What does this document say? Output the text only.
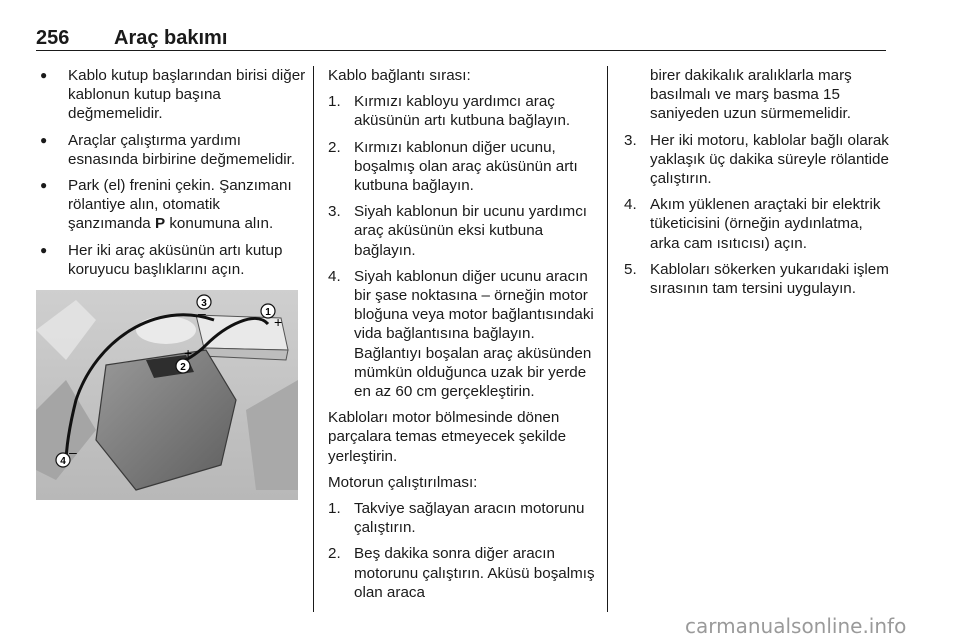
256 Araç bakımı
● Kablo kutup başlarından birisi diğer kablonun kutup başına değmemelidir.
● Araçlar çalıştırma yardımı esnasında birbirine değmemelidir.
● Park (el) frenini çekin. Şanzımanı rölantiye alın, otomatik şanzımanda P konumuna alın.
● Her iki araç aküsünün artı kutup koruyucu başlıklarını açın.
1
+
3
–
2
+
4
–

Kablo bağlantı sırası:

1. Kırmızı kabloyu yardımcı araç aküsünün artı kutbuna bağlayın.
2. Kırmızı kablonun diğer ucunu, boşalmış olan araç aküsünün artı kutbuna bağlayın.
3. Siyah kablonun bir ucunu yardımcı araç aküsünün eksi kutbuna bağlayın.
4. Siyah kablonun diğer ucunu aracın bir şase noktasına – örneğin motor bloğuna veya motor bağlantısındaki vida bağlantısına bağlayın. Bağlantıyı boşalan araç aküsünden mümkün olduğunca uzak bir yerde en az 60 cm gerçekleştirin.

Kabloları motor bölmesinde dönen parçalara temas etmeyecek şekilde yerleştirin.

Motorun çalıştırılması:

1. Takviye sağlayan aracın motorunu çalıştırın.
2. Beş dakika sonra diğer aracın motorunu çalıştırın. Aküsü boşalmış olan araca

birer dakikalık aralıklarla marş basılmalı ve marş basma 15 saniyeden uzun sürmemelidir.

3. Her iki motoru, kablolar bağlı olarak yaklaşık üç dakika süreyle rölantide çalıştırın.
4. Akım yüklenen araçtaki bir elektrik tüketicisini (örneğin aydınlatma, arka cam ısıtıcısı) açın.
5. Kabloları sökerken yukarıdaki işlem sırasının tam tersini uygulayın.
carmanualsonline.info
